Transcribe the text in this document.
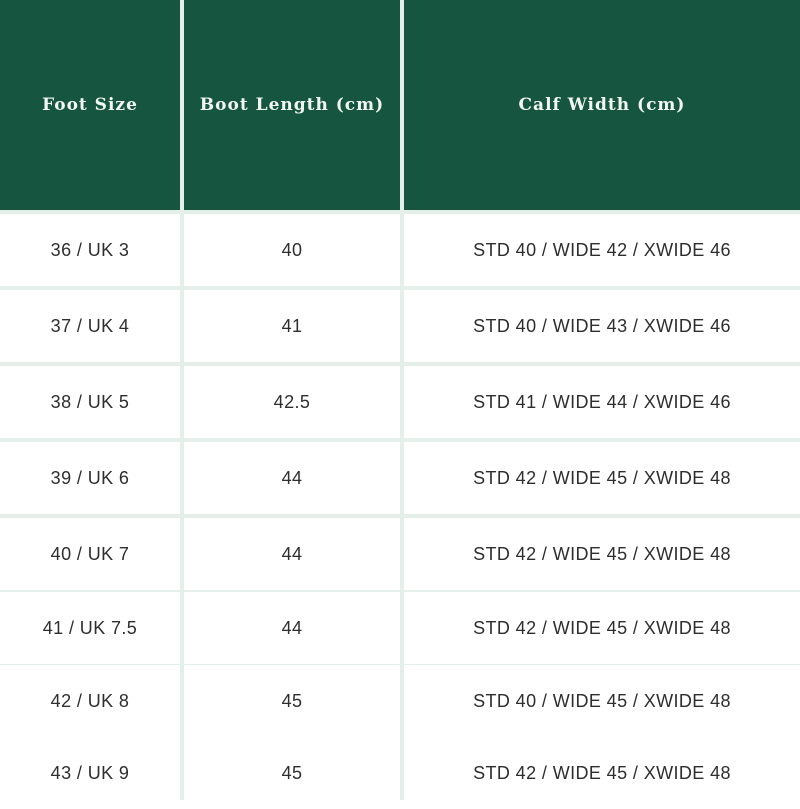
Foot Size	Boot Length (cm)	Calf Width (cm)
36 / UK 3	40	STD 40 / WIDE 42 / XWIDE 46
37 / UK 4	41	STD 40 / WIDE 43 / XWIDE 46
38 / UK 5	42.5	STD 41 / WIDE 44 / XWIDE 46
39 / UK 6	44	STD 42 / WIDE 45 / XWIDE 48
40 / UK 7	44	STD 42 / WIDE 45 / XWIDE 48
41 / UK 7.5	44	STD 42 / WIDE 45 / XWIDE 48
42 / UK 8	45	STD 40 / WIDE 45 / XWIDE 48
43 / UK 9	45	STD 42 / WIDE 45 / XWIDE 48
